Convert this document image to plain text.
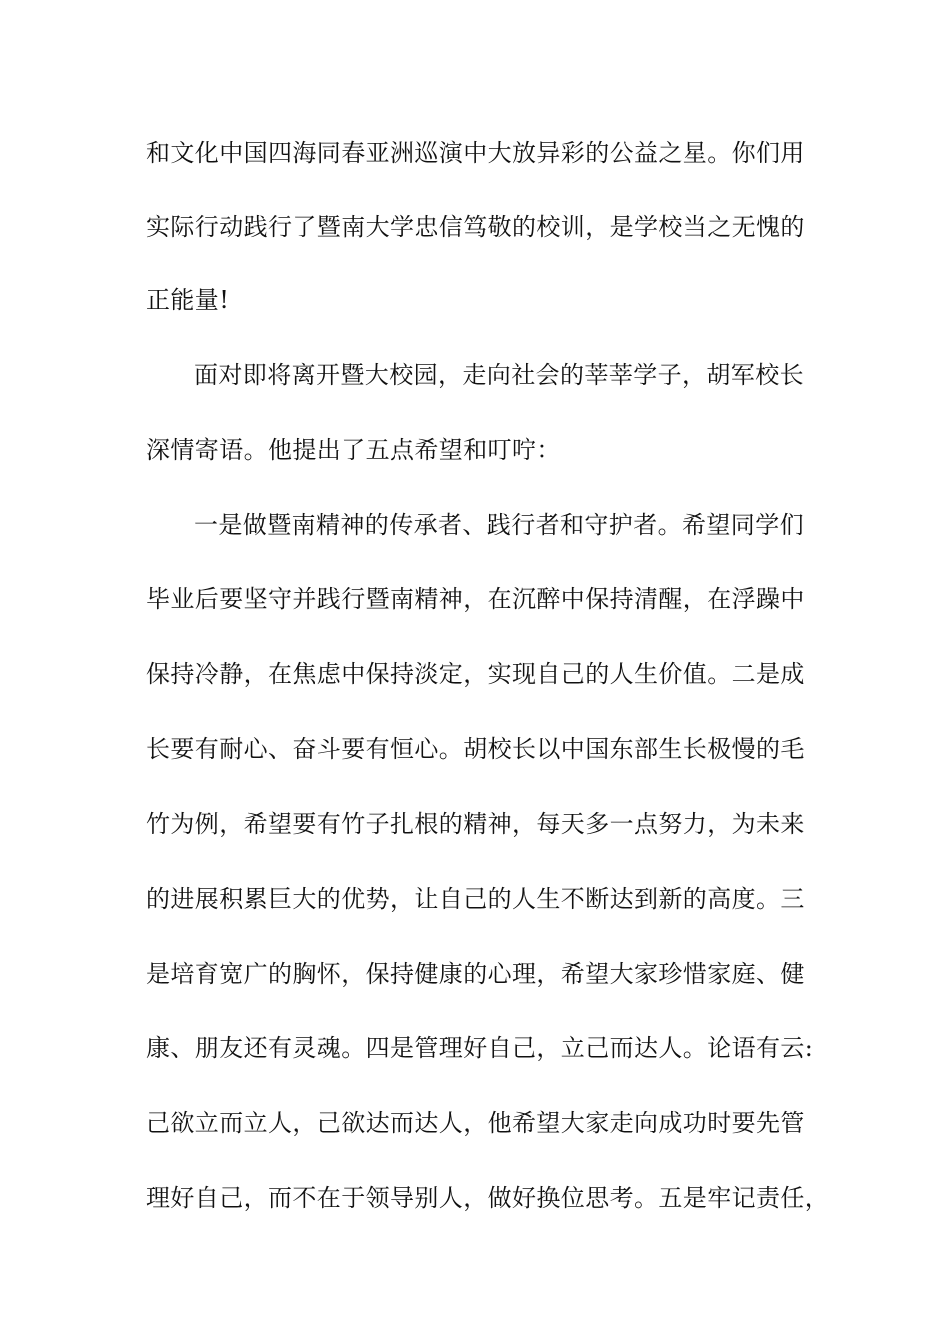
和文化中国四海同春亚洲巡演中大放异彩的公益之星。你们用
实际行动践行了暨南大学忠信笃敬的校训，是学校当之无愧的
正能量!
面对即将离开暨大校园，走向社会的莘莘学子，胡军校长
深情寄语。他提出了五点希望和叮咛：
一是做暨南精神的传承者、践行者和守护者。希望同学们
毕业后要坚守并践行暨南精神，在沉醉中保持清醒，在浮躁中
保持冷静，在焦虑中保持淡定，实现自己的人生价值。二是成
长要有耐心、奋斗要有恒心。胡校长以中国东部生长极慢的毛
竹为例，希望要有竹子扎根的精神，每天多一点努力，为未来
的进展积累巨大的优势，让自己的人生不断达到新的高度。三
是培育宽广的胸怀，保持健康的心理，希望大家珍惜家庭、健
康、朋友还有灵魂。四是管理好自己，立己而达人。论语有云:
己欲立而立人，己欲达而达人，他希望大家走向成功时要先管
理好自己，而不在于领导别人，做好换位思考。五是牢记责任，
